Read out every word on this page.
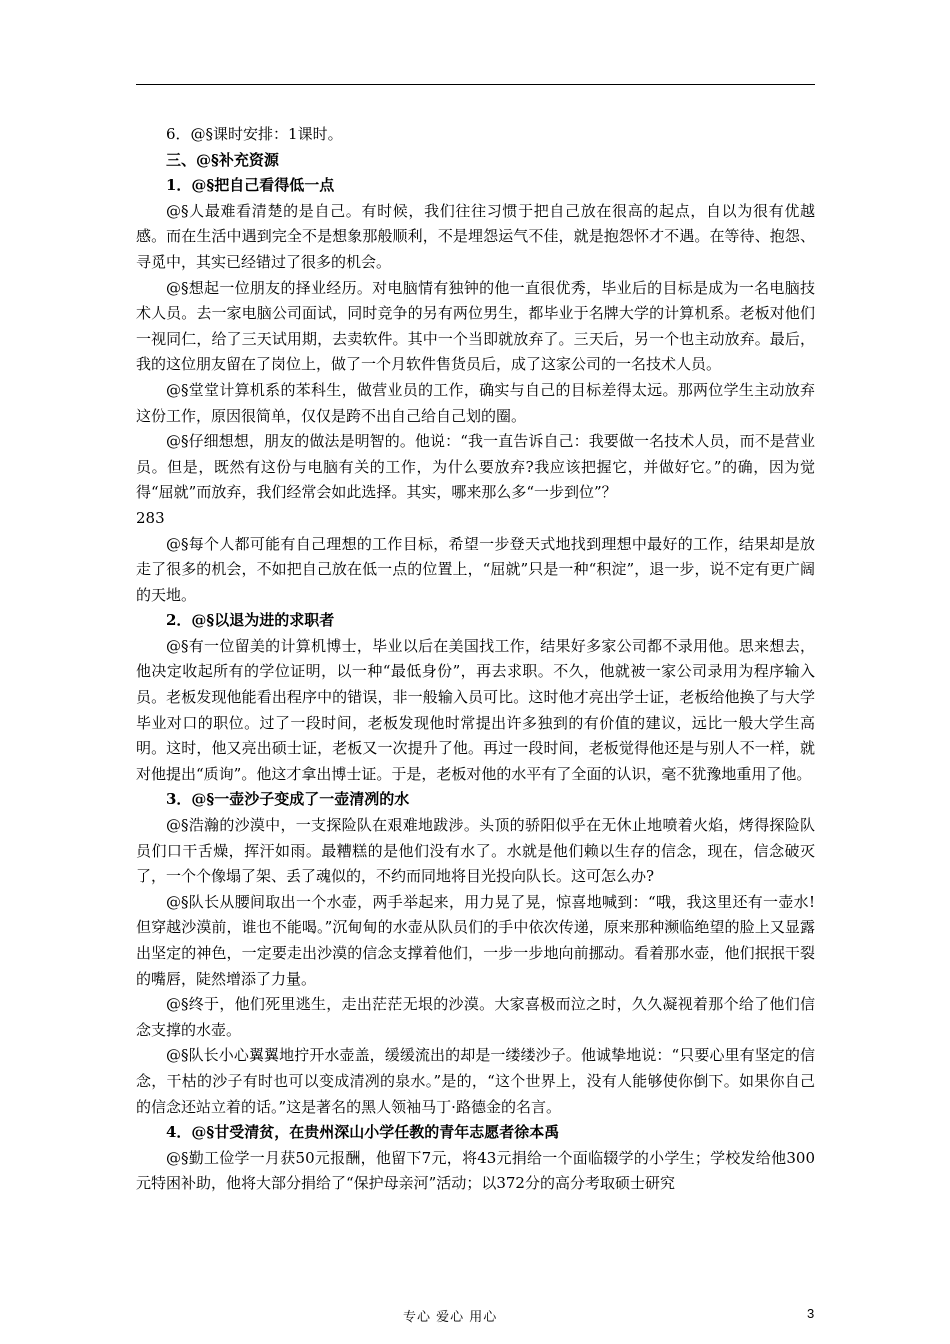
6．@§课时安排：1课时。

三、@§补充资源

1．@§把自己看得低一点

@§人最难看清楚的是自己。有时候，我们往往习惯于把自己放在很高的起点，自以为很有优越感。而在生活中遇到完全不是想象那般顺利，不是埋怨运气不佳，就是抱怨怀才不遇。在等待、抱怨、寻觅中，其实已经错过了很多的机会。

@§想起一位朋友的择业经历。对电脑情有独钟的他一直很优秀，毕业后的目标是成为一名电脑技术人员。去一家电脑公司面试，同时竞争的另有两位男生，都毕业于名牌大学的计算机系。老板对他们一视同仁，给了三天试用期，去卖软件。其中一个当即就放弃了。三天后，另一个也主动放弃。最后，我的这位朋友留在了岗位上，做了一个月软件售货员后，成了这家公司的一名技术人员。

@§堂堂计算机系的苯科生，做营业员的工作，确实与自己的目标差得太远。那两位学生主动放弃这份工作，原因很简单，仅仅是跨不出自己给自己划的圈。

@§仔细想想，朋友的做法是明智的。他说：“我一直告诉自己：我要做一名技术人员，而不是营业员。但是，既然有这份与电脑有关的工作，为什么要放弃?我应该把握它，并做好它。”的确，因为觉得“屈就”而放弃，我们经常会如此选择。其实，哪来那么多“一步到位”？

283

@§每个人都可能有自己理想的工作目标，希望一步登天式地找到理想中最好的工作，结果却是放走了很多的机会，不如把自己放在低一点的位置上，“屈就”只是一种“积淀”，退一步，说不定有更广阔的天地。

2．@§以退为进的求职者

@§有一位留美的计算机博士，毕业以后在美国找工作，结果好多家公司都不录用他。思来想去，他决定收起所有的学位证明，以一种“最低身份”，再去求职。不久，他就被一家公司录用为程序输入员。老板发现他能看出程序中的错误，非一般输入员可比。这时他才亮出学士证，老板给他换了与大学毕业对口的职位。过了一段时间，老板发现他时常提出许多独到的有价值的建议，远比一般大学生高明。这时，他又亮出硕士证，老板又一次提升了他。再过一段时间，老板觉得他还是与别人不一样，就对他提出“质询”。他这才拿出博士证。于是，老板对他的水平有了全面的认识，毫不犹豫地重用了他。

3．@§一壶沙子变成了一壶清冽的水

@§浩瀚的沙漠中，一支探险队在艰难地跋涉。头顶的骄阳似乎在无休止地喷着火焰，烤得探险队员们口干舌燥，挥汗如雨。最糟糕的是他们没有水了。水就是他们赖以生存的信念，现在，信念破灭了，一个个像塌了架、丢了魂似的，不约而同地将目光投向队长。这可怎么办?

@§队长从腰间取出一个水壶，两手举起来，用力晃了晃，惊喜地喊到：“哦，我这里还有一壶水!但穿越沙漠前，谁也不能喝。”沉甸甸的水壶从队员们的手中依次传递，原来那种濒临绝望的脸上又显露出坚定的神色，一定要走出沙漠的信念支撑着他们，一步一步地向前挪动。看着那水壶，他们抿抿干裂的嘴唇，陡然增添了力量。

@§终于，他们死里逃生，走出茫茫无垠的沙漠。大家喜极而泣之时，久久凝视着那个给了他们信念支撑的水壶。

@§队长小心翼翼地拧开水壶盖，缓缓流出的却是一缕缕沙子。他诚挚地说：“只要心里有坚定的信念，干枯的沙子有时也可以变成清冽的泉水。”是的，“这个世界上，没有人能够使你倒下。如果你自己的信念还站立着的话。”这是著名的黑人领袖马丁·路德金的名言。

4．@§甘受清贫，在贵州深山小学任教的青年志愿者徐本禹

@§勤工俭学一月获50元报酬，他留下7元，将43元捐给一个面临辍学的小学生；学校发给他300元特困补助，他将大部分捐给了“保护母亲河”活动；以372分的高分考取硕士研究

专心 爱心 用心	3
